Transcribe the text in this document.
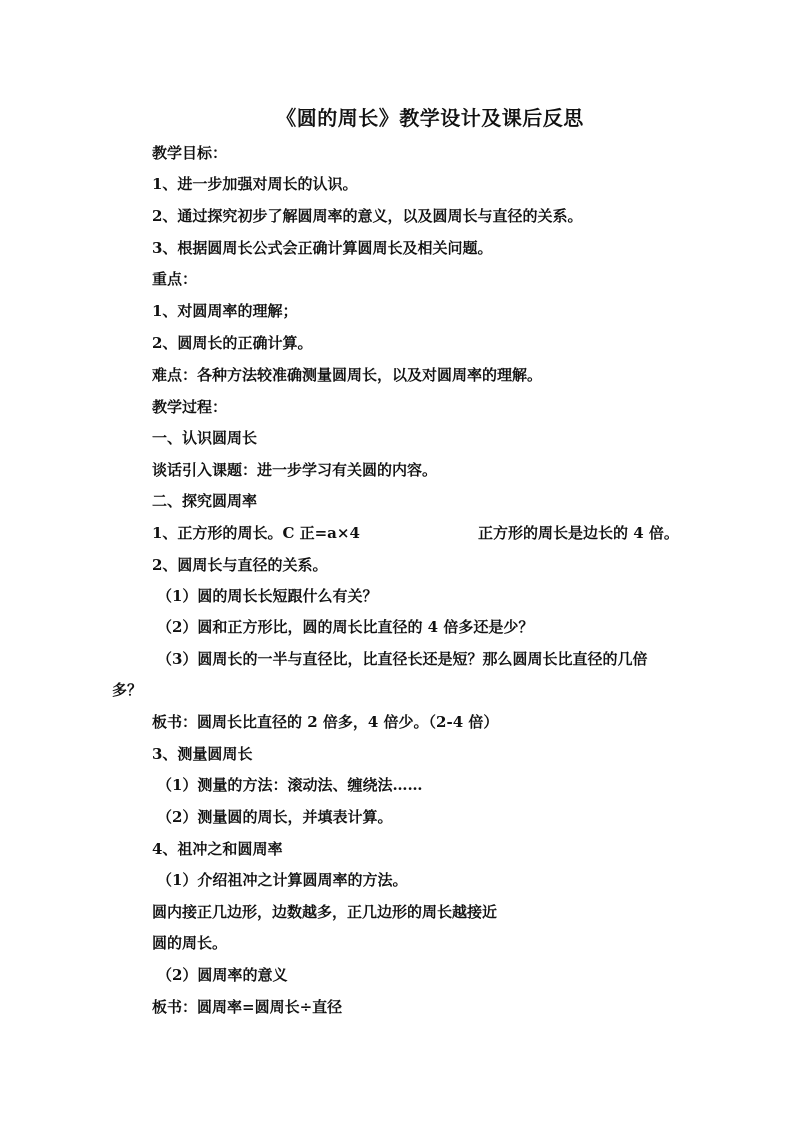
《圆的周长》教学设计及课后反思
教学目标：
1、进一步加强对周长的认识。
2、通过探究初步了解圆周率的意义，以及圆周长与直径的关系。
3、根据圆周长公式会正确计算圆周长及相关问题。
重点：
1、对圆周率的理解；
2、圆周长的正确计算。
难点：各种方法较准确测量圆周长，以及对圆周率的理解。
教学过程：
一、认识圆周长
谈话引入课题：进一步学习有关圆的内容。
二、探究圆周率
1、正方形的周长。C 正=a×4	正方形的周长是边长的 4 倍。
2、圆周长与直径的关系。
（1）圆的周长长短跟什么有关？
（2）圆和正方形比，圆的周长比直径的 4 倍多还是少？
（3）圆周长的一半与直径比，比直径长还是短？那么圆周长比直径的几倍
多？
板书：圆周长比直径的 2 倍多，4 倍少。（2-4 倍）
3、测量圆周长
（1）测量的方法：滚动法、缠绕法……
（2）测量圆的周长，并填表计算。
4、祖冲之和圆周率
（1）介绍祖冲之计算圆周率的方法。
圆内接正几边形，边数越多，正几边形的周长越接近
圆的周长。
（2）圆周率的意义
板书：圆周率=圆周长÷直径
